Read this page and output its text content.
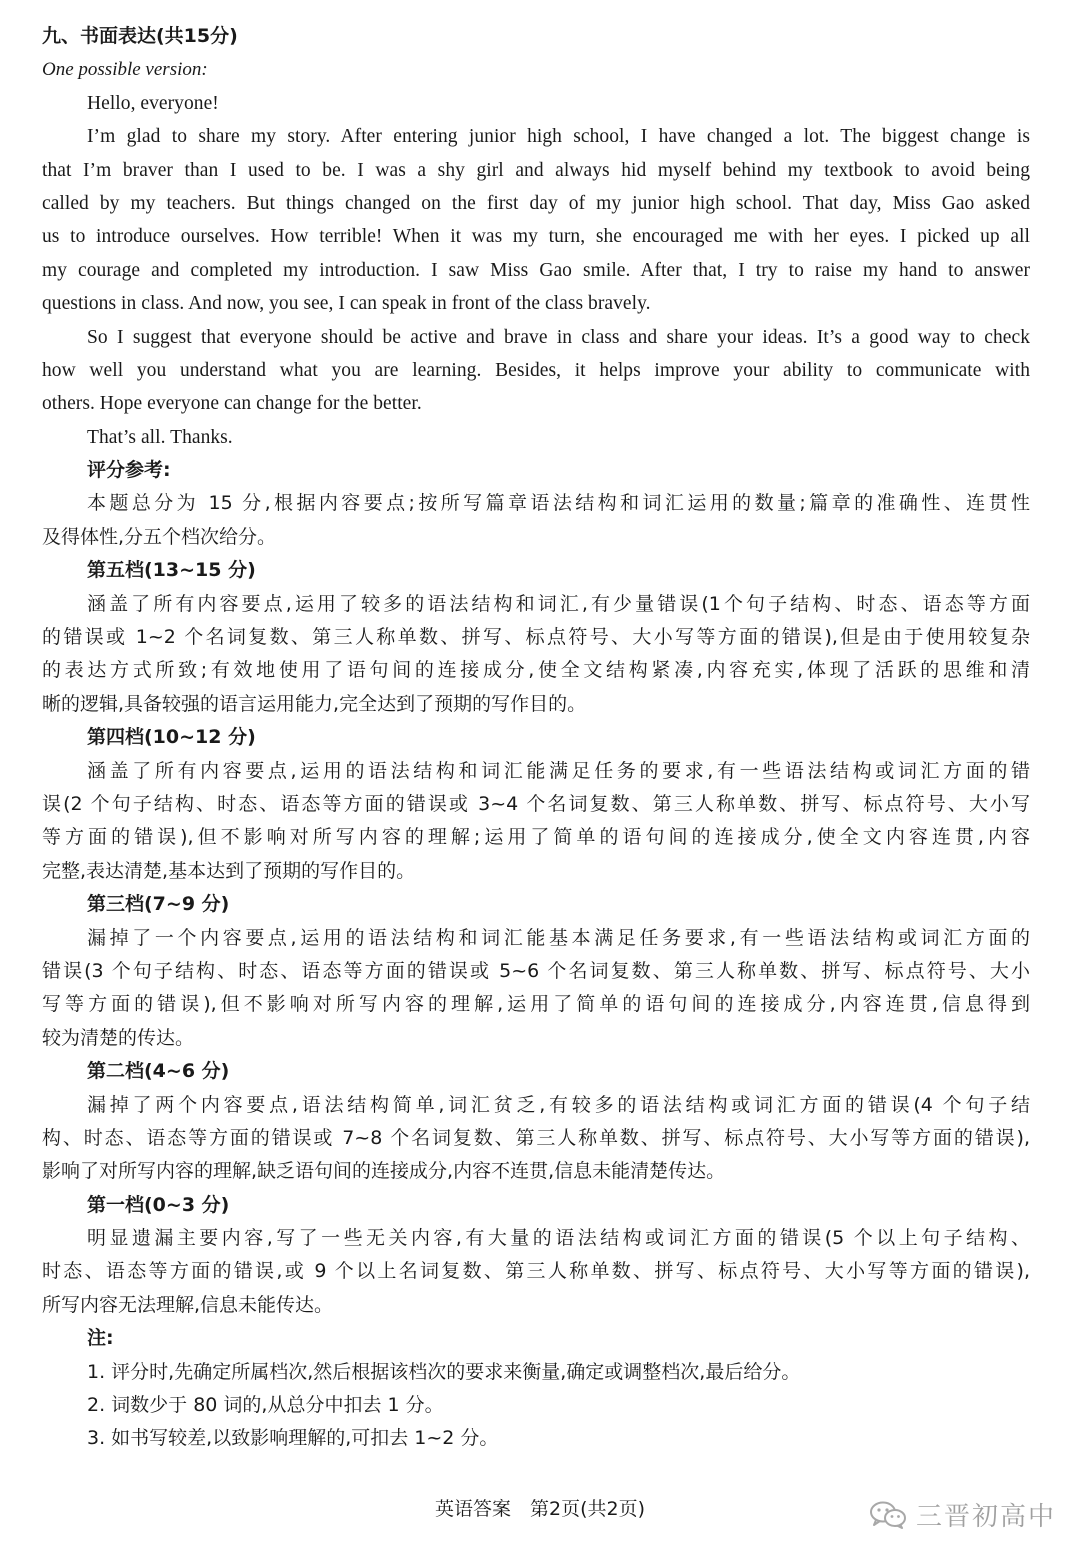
九、书面表达(共15分)
One possible version:
Hello, everyone!
I’m glad to share my story. After entering junior high school, I have changed a lot. The biggest change is
that I’m braver than I used to be. I was a shy girl and always hid myself behind my textbook to avoid being
called by my teachers. But things changed on the first day of my junior high school. That day, Miss Gao asked
us to introduce ourselves. How terrible! When it was my turn, she encouraged me with her eyes. I picked up all
my courage and completed my introduction. I saw Miss Gao smile. After that, I try to raise my hand to answer
questions in class. And now, you see, I can speak in front of the class bravely.
So I suggest that everyone should be active and brave in class and share your ideas. It’s a good way to check
how well you understand what you are learning. Besides, it helps improve your ability to communicate with
others. Hope everyone can change for the better.
That’s all. Thanks.
评分参考:
本题总分为 15 分,根据内容要点;按所写篇章语法结构和词汇运用的数量;篇章的准确性、连贯性
及得体性,分五个档次给分。
第五档(13~15 分)
涵盖了所有内容要点,运用了较多的语法结构和词汇,有少量错误(1个句子结构、时态、语态等方面
的错误或 1~2 个名词复数、第三人称单数、拼写、标点符号、大小写等方面的错误),但是由于使用较复杂
的表达方式所致;有效地使用了语句间的连接成分,使全文结构紧凑,内容充实,体现了活跃的思维和清
晰的逻辑,具备较强的语言运用能力,完全达到了预期的写作目的。
第四档(10~12 分)
涵盖了所有内容要点,运用的语法结构和词汇能满足任务的要求,有一些语法结构或词汇方面的错
误(2 个句子结构、时态、语态等方面的错误或 3~4 个名词复数、第三人称单数、拼写、标点符号、大小写
等方面的错误),但不影响对所写内容的理解;运用了简单的语句间的连接成分,使全文内容连贯,内容
完整,表达清楚,基本达到了预期的写作目的。
第三档(7~9 分)
漏掉了一个内容要点,运用的语法结构和词汇能基本满足任务要求,有一些语法结构或词汇方面的
错误(3 个句子结构、时态、语态等方面的错误或 5~6 个名词复数、第三人称单数、拼写、标点符号、大小
写等方面的错误),但不影响对所写内容的理解,运用了简单的语句间的连接成分,内容连贯,信息得到
较为清楚的传达。
第二档(4~6 分)
漏掉了两个内容要点,语法结构简单,词汇贫乏,有较多的语法结构或词汇方面的错误(4 个句子结
构、时态、语态等方面的错误或 7~8 个名词复数、第三人称单数、拼写、标点符号、大小写等方面的错误),
影响了对所写内容的理解,缺乏语句间的连接成分,内容不连贯,信息未能清楚传达。
第一档(0~3 分)
明显遗漏主要内容,写了一些无关内容,有大量的语法结构或词汇方面的错误(5 个以上句子结构、
时态、语态等方面的错误,或 9 个以上名词复数、第三人称单数、拼写、标点符号、大小写等方面的错误),
所写内容无法理解,信息未能传达。
注:
1. 评分时,先确定所属档次,然后根据该档次的要求来衡量,确定或调整档次,最后给分。
2. 词数少于 80 词的,从总分中扣去 1 分。
3. 如书写较差,以致影响理解的,可扣去 1~2 分。
英语答案　第2页(共2页)	三晋初高中
